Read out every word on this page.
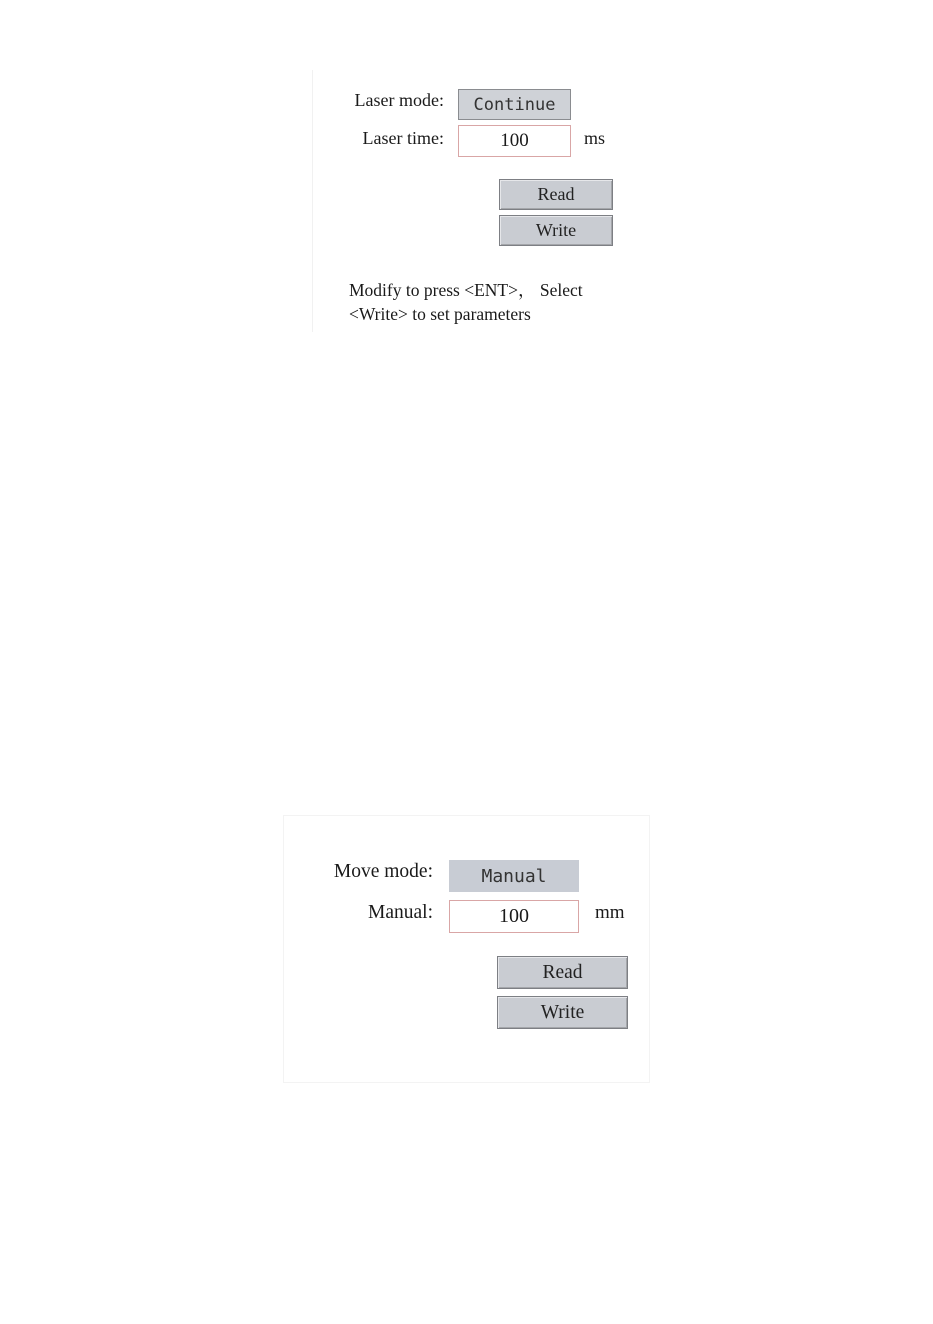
Laser mode:	Continue
Laser time:	100	ms
Read
Write
Modify to press <ENT>， Select
<Write> to set parameters
Move mode:	Manual
Manual:	100	mm
Read
Write
